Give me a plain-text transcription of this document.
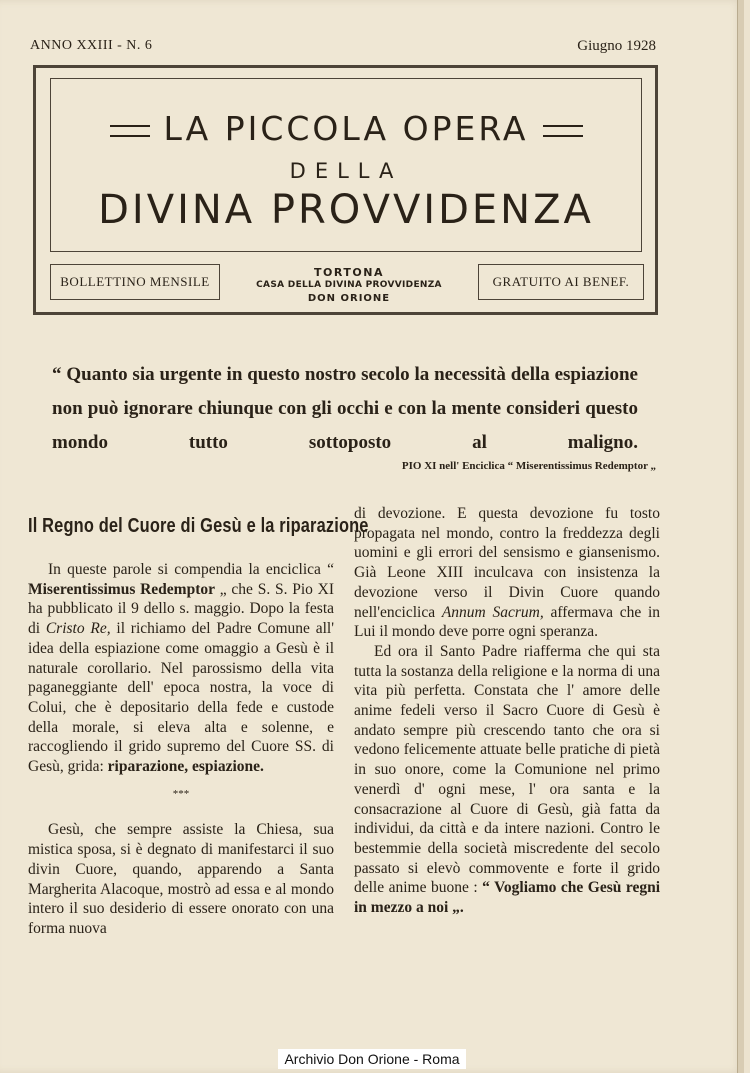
ANNO XXIII - N. 6	Giugno 1928
LA PICCOLA OPERA
DELLA
DIVINA PROVVIDENZA
BOLLETTINO MENSILE
TORTONA
CASA DELLA DIVINA PROVVIDENZA
DON ORIONE
GRATUITO AI BENEF.
“ Quanto sia urgente in questo nostro secolo la necessità della espiazione non può ignorare chiunque con gli occhi e con la mente consideri questo mondo tutto sottoposto al maligno.
PIO XI nell' Enciclica “ Miserentissimus Redemptor „
Il Regno del Cuore di Gesù e la riparazione

In queste parole si compendia la enciclica “ Miserentissimus Redemptor „ che S. S. Pio XI ha pubblicato il 9 dello s. maggio. Dopo la festa di Cristo Re, il richiamo del Padre Comune all' idea della espiazione come omaggio a Gesù è il naturale corollario. Nel parossismo della vita paganeggiante dell' epoca nostra, la voce di Colui, che è depositario della fede e custode della morale, si eleva alta e solenne, e raccogliendo il grido supremo del Cuore SS. di Gesù, grida: riparazione, espiazione.

***

Gesù, che sempre assiste la Chiesa, sua mistica sposa, si è degnato di manifestarci il suo divin Cuore, quando, apparendo a Santa Margherita Alacoque, mostrò ad essa e al mondo intero il suo desiderio di essere onorato con una forma nuova

di devozione. E questa devozione fu tosto propagata nel mondo, contro la freddezza degli uomini e gli errori del sensismo e giansenismo. Già Leone XIII inculcava con insistenza la devozione verso il Divin Cuore quando nell'enciclica Annum Sacrum, affermava che in Lui il mondo deve porre ogni speranza.

Ed ora il Santo Padre riafferma che qui sta tutta la sostanza della religione e la norma di una vita più perfetta. Constata che l' amore delle anime fedeli verso il Sacro Cuore di Gesù è andato sempre più crescendo tanto che ora si vedono felicemente attuate belle pratiche di pietà in suo onore, come la Comunione nel primo venerdì d' ogni mese, l' ora santa e la consacrazione al Cuore di Gesù, già fatta da individui, da città e da intere nazioni. Contro le bestemmie della società miscredente del secolo passato si elevò commovente e forte il grido delle anime buone : “ Vogliamo che Gesù regni in mezzo a noi „.

Archivio Don Orione - Roma
